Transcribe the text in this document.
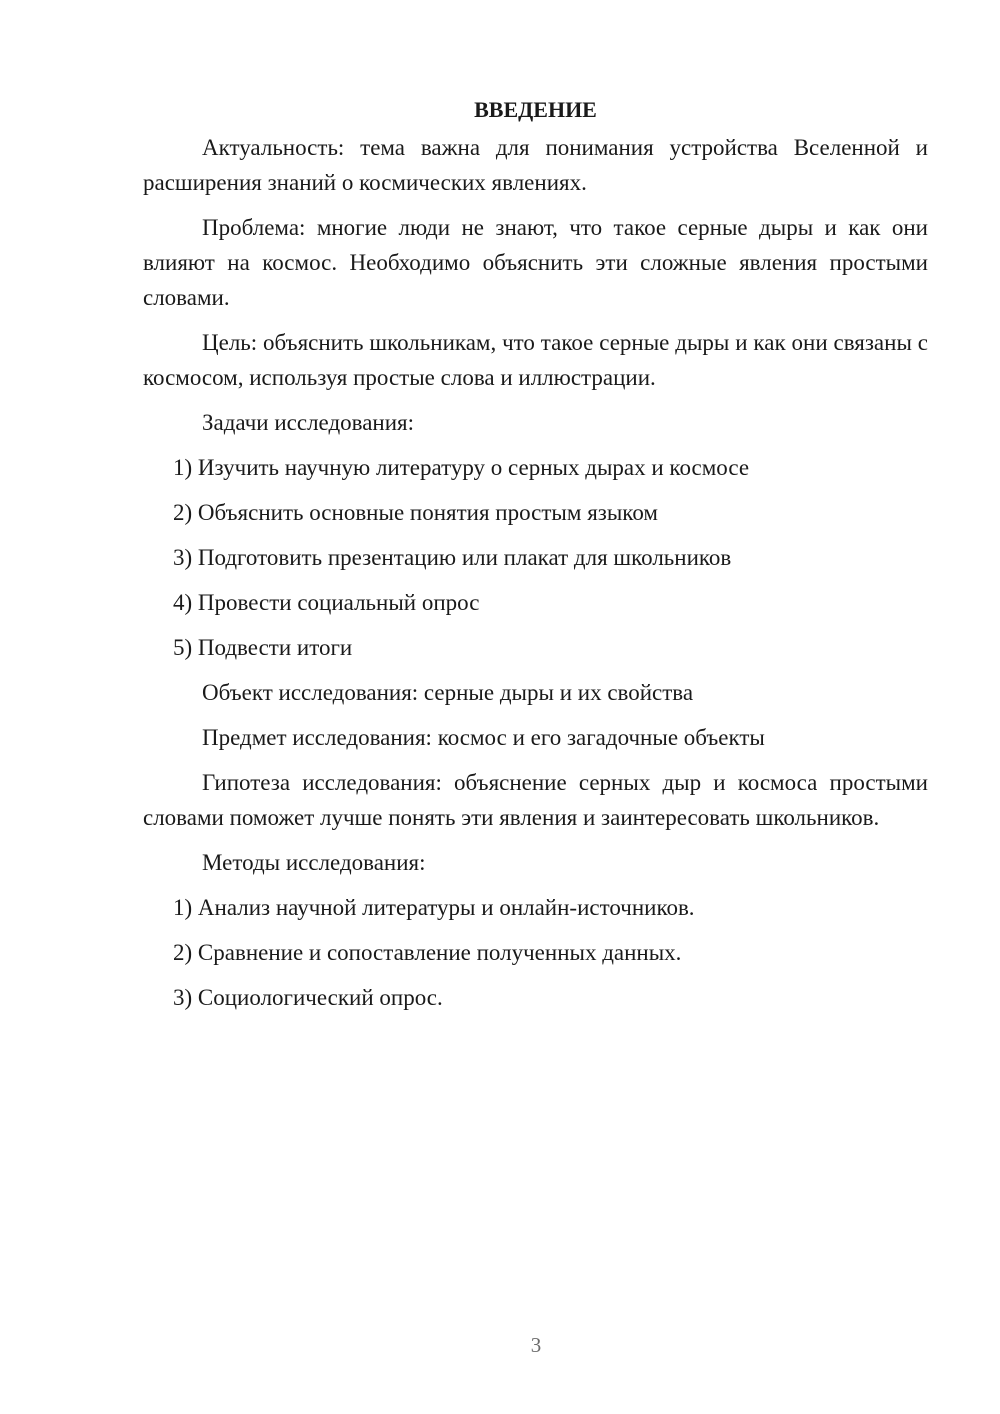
ВВЕДЕНИЕ

Актуальность: тема важна для понимания устройства Вселенной и расширения знаний о космических явлениях.

Проблема: многие люди не знают, что такое серные дыры и как они влияют на космос. Необходимо объяснить эти сложные явления простыми словами.

Цель: объяснить школьникам, что такое серные дыры и как они связаны с космосом, используя простые слова и иллюстрации.

Задачи исследования:

1) Изучить научную литературу о серных дырах и космосе
2) Объяснить основные понятия простым языком
3) Подготовить презентацию или плакат для школьников
4) Провести социальный опрос
5) Подвести итоги

Объект исследования: серные дыры и их свойства

Предмет исследования: космос и его загадочные объекты

Гипотеза исследования: объяснение серных дыр и космоса простыми словами поможет лучше понять эти явления и заинтересовать школьников.

Методы исследования:

1) Анализ научной литературы и онлайн-источников.
2) Сравнение и сопоставление полученных данных.
3) Социологический опрос.
3
